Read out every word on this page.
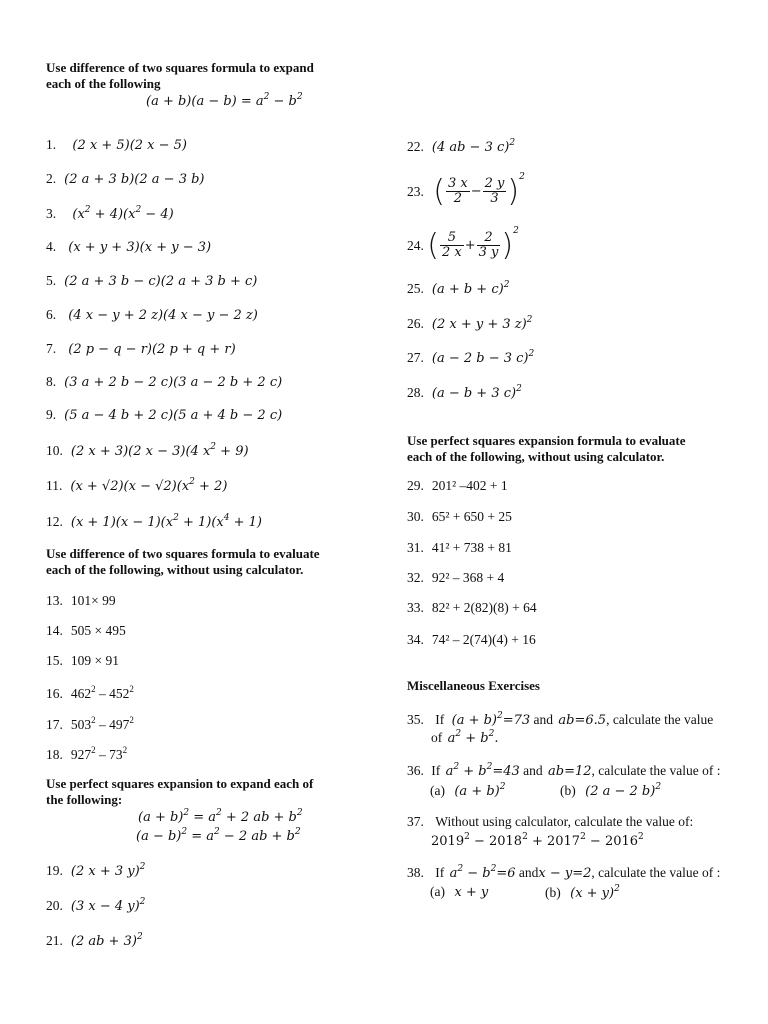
Use difference of two squares formula to expand
each of the following
$(a + b)(a - b) = a^2 - b^2$
1.  (2 x + 5)(2 x − 5)
2. (2 a + 3 b)(2 a − 3 b)
3.  $(x^2 + 4)(x^2 - 4)$
4. (x + y + 3)(x + y − 3)
5. (2 a + 3 b − c)(2 a + 3 b + c)
6. (4 x − y + 2 z)(4 x − y − 2 z)
7. (2 p − q − r)(2 p + q + r)
8. (3 a + 2 b − 2 c)(3 a − 2 b + 2 c)
9. (5 a − 4 b + 2 c)(5 a + 4 b − 2 c)
10. (2 x + 3)(2 x − 3)(4 $x^2 + 9$)
11. $(x + √2)(x - √2)(x^2 + 2)$
12. $(x + 1)(x - 1)(x^2 + 1)(x^4 + 1)$
Use difference of two squares formula to evaluate
each of the following, without using calculator.
13. 101× 99
14. 505 × 495
15. 109 × 91
16. $462^2 - 452^2$
17. $503^2 - 497^2$
18. $927^2 - 73^2$
Use perfect squares expansion to expand each of
the following:
$(a + b)^2 = a^2 + 2$ ab + $b^2$
$(a - b)^2 = a^2 - 2$ ab + $b^2$
19. (2 x + 3 y)$^2$
20. (3 x − 4 y)$^2$
21. (2 ab + 3)$^2$
22. (4 ab − 3 c)$^2$
23. ( $\frac{3 x}{2} - \frac{2 y}{3} )^2$
24. ( $\frac{5}{2 x} + \frac{2}{3 y} )^2$
25. $(a + b + c)^2$
26. (2 x + y + 3 z)$^2$
27. (a − 2 b − 3 c)$^2$
28. (a − b + 3 c)$^2$
Use perfect squares expansion formula to evaluate
each of the following, without using calculator.
29. 201² –402 + 1
30. 65² + 650 + 25
31. 41² + 738 + 81
32. 92² – 368 + 4
33. 82² + 2(82)(8) + 64
34. 74² – 2(74)(4) + 16
Miscellaneous Exercises
35. If $(a + b)^2=73$ and ab=6.5, calculate the value
of $a^2 + b^2$.
36. If $a^2 + b^2=43$ and ab=12, calculate the value of :
(a) $(a + b)^2$	(b) (2 a − 2 b)$^2$
37. Without using calculator, calculate the value of:
$2019^2 - 2018^2 + 2017^2 - 2016^2$
38. If $a^2 - b^2=6$ andx − y=2, calculate the value of :
(a) x + y	(b) $(x + y)^2$
